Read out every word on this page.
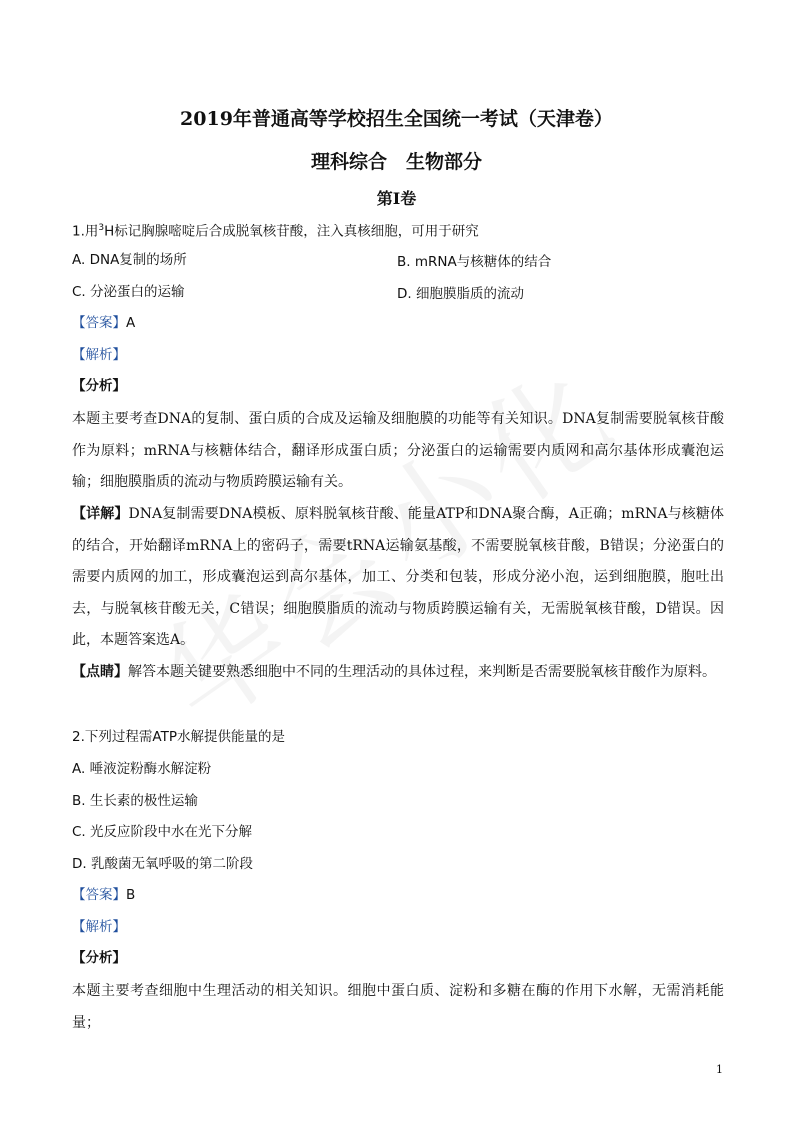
2019年普通高等学校招生全国统一考试（天津卷）
理科综合　生物部分
第Ⅰ卷
1.用$^3$H标记胸腺嘧啶后合成脱氧核苷酸，注入真核细胞，可用于研究
A. DNA复制的场所	B. mRNA与核糖体的结合
C. 分泌蛋白的运输	D. 细胞膜脂质的流动
【答案】A
【解析】
【分析】
本题主要考查DNA的复制、蛋白质的合成及运输及细胞膜的功能等有关知识。DNA复制需要脱氧核苷酸作为原料；mRNA与核糖体结合，翻译形成蛋白质；分泌蛋白的运输需要内质网和高尔基体形成囊泡运输；细胞膜脂质的流动与物质跨膜运输有关。
【详解】DNA复制需要DNA模板、原料脱氧核苷酸、能量ATP和DNA聚合酶，A正确；mRNA与核糖体的结合，开始翻译mRNA上的密码子，需要tRNA运输氨基酸，不需要脱氧核苷酸，B错误；分泌蛋白的需要内质网的加工，形成囊泡运到高尔基体，加工、分类和包装，形成分泌小泡，运到细胞膜，胞吐出去，与脱氧核苷酸无关，C错误；细胞膜脂质的流动与物质跨膜运输有关，无需脱氧核苷酸，D错误。因此，本题答案选A。
【点睛】解答本题关键要熟悉细胞中不同的生理活动的具体过程，来判断是否需要脱氧核苷酸作为原料。
2.下列过程需ATP水解提供能量的是
A. 唾液淀粉酶水解淀粉
B. 生长素的极性运输
C. 光反应阶段中水在光下分解
D. 乳酸菌无氧呼吸的第二阶段
【答案】B
【解析】
【分析】
本题主要考查细胞中生理活动的相关知识。细胞中蛋白质、淀粉和多糖在酶的作用下水解，无需消耗能量；
1
